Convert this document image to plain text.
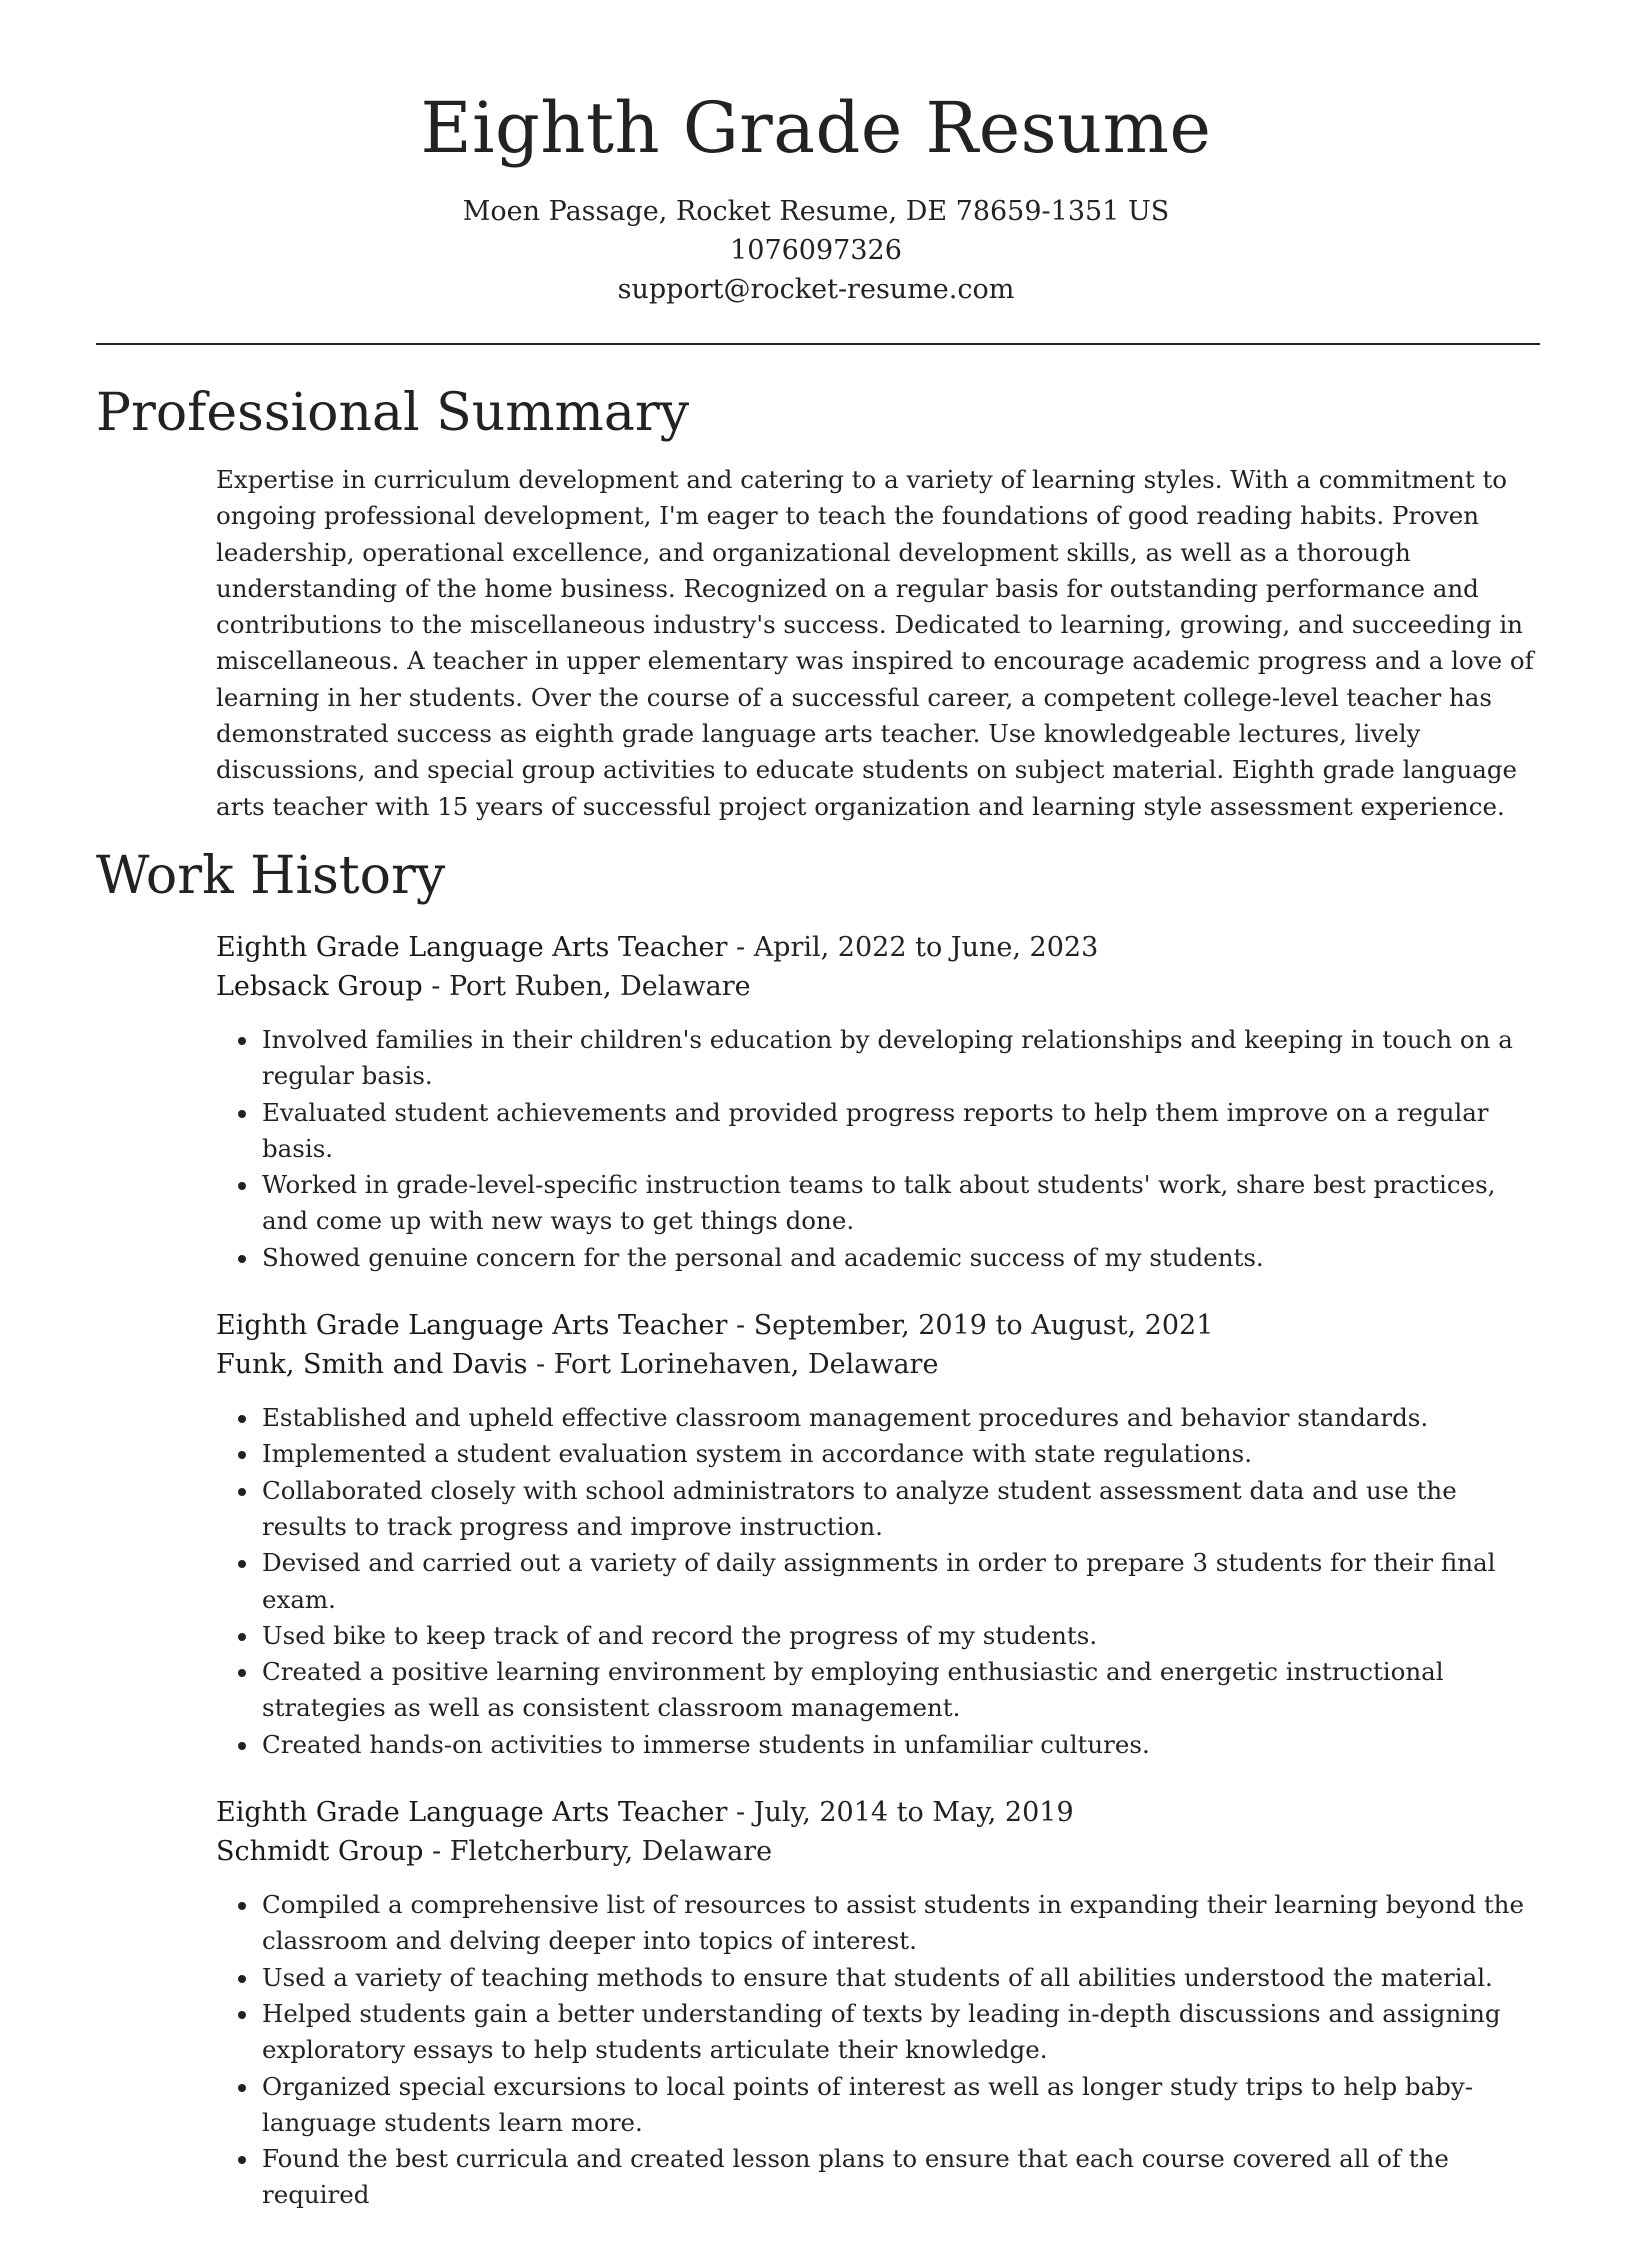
Eighth Grade Resume
Moen Passage, Rocket Resume, DE 78659-1351 US
1076097326
support@rocket-resume.com
Professional Summary

Expertise in curriculum development and catering to a variety of learning styles. With a commitment to ongoing professional development, I'm eager to teach the foundations of good reading habits. Proven leadership, operational excellence, and organizational development skills, as well as a thorough understanding of the home business. Recognized on a regular basis for outstanding performance and contributions to the miscellaneous industry's success. Dedicated to learning, growing, and succeeding in miscellaneous. A teacher in upper elementary was inspired to encourage academic progress and a love of learning in her students. Over the course of a successful career, a competent college-level teacher has demonstrated success as eighth grade language arts teacher. Use knowledgeable lectures, lively discussions, and special group activities to educate students on subject material. Eighth grade language arts teacher with 15 years of successful project organization and learning style assessment experience.

Work History

Eighth Grade Language Arts Teacher - April, 2022 to June, 2023

Lebsack Group - Port Ruben, Delaware

• Involved families in their children's education by developing relationships and keeping in touch on a regular basis.
• Evaluated student achievements and provided progress reports to help them improve on a regular basis.
• Worked in grade-level-specific instruction teams to talk about students' work, share best practices, and come up with new ways to get things done.
• Showed genuine concern for the personal and academic success of my students.

Eighth Grade Language Arts Teacher - September, 2019 to August, 2021

Funk, Smith and Davis - Fort Lorinehaven, Delaware

• Established and upheld effective classroom management procedures and behavior standards.
• Implemented a student evaluation system in accordance with state regulations.
• Collaborated closely with school administrators to analyze student assessment data and use the results to track progress and improve instruction.
• Devised and carried out a variety of daily assignments in order to prepare 3 students for their final exam.
• Used bike to keep track of and record the progress of my students.
• Created a positive learning environment by employing enthusiastic and energetic instructional strategies as well as consistent classroom management.
• Created hands-on activities to immerse students in unfamiliar cultures.

Eighth Grade Language Arts Teacher - July, 2014 to May, 2019

Schmidt Group - Fletcherbury, Delaware

• Compiled a comprehensive list of resources to assist students in expanding their learning beyond the classroom and delving deeper into topics of interest.
• Used a variety of teaching methods to ensure that students of all abilities understood the material.
• Helped students gain a better understanding of texts by leading in-depth discussions and assigning exploratory essays to help students articulate their knowledge.
• Organized special excursions to local points of interest as well as longer study trips to help baby-language students learn more.
• Found the best curricula and created lesson plans to ensure that each course covered all of the required
